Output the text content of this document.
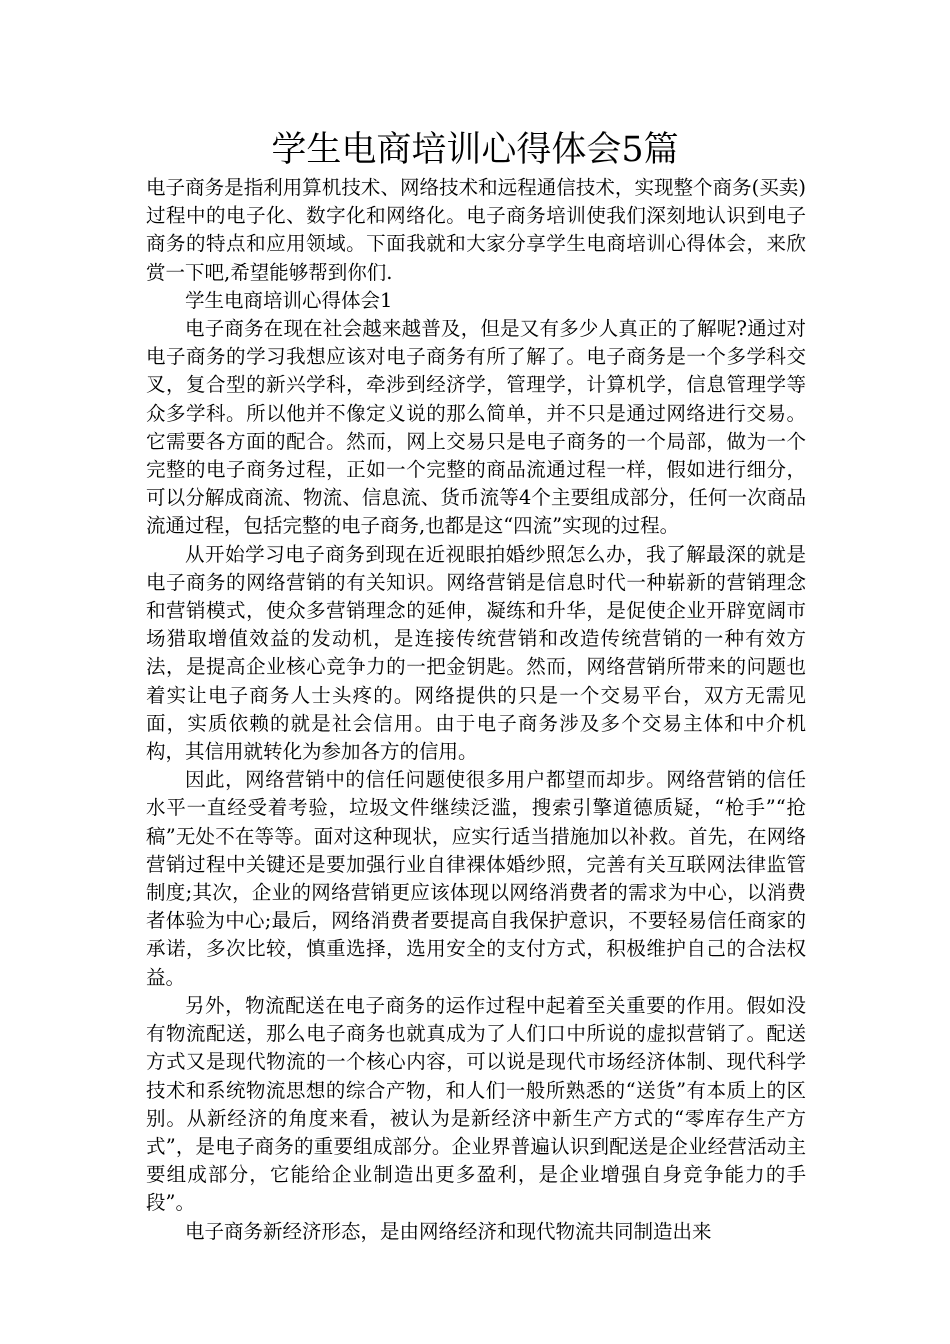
学生电商培训心得体会5篇

电子商务是指利用算机技术、网络技术和远程通信技术，实现整个商务(买卖)过程中的电子化、数字化和网络化。电子商务培训使我们深刻地认识到电子商务的特点和应用领域。下面我就和大家分享学生电商培训心得体会，来欣赏一下吧,希望能够帮到你们.

学生电商培训心得体会1

电子商务在现在社会越来越普及，但是又有多少人真正的了解呢?通过对电子商务的学习我想应该对电子商务有所了解了。电子商务是一个多学科交叉，复合型的新兴学科，牵涉到经济学，管理学，计算机学，信息管理学等众多学科。所以他并不像定义说的那么简单，并不只是通过网络进行交易。它需要各方面的配合。然而，网上交易只是电子商务的一个局部，做为一个完整的电子商务过程，正如一个完整的商品流通过程一样，假如进行细分，可以分解成商流、物流、信息流、货币流等4个主要组成部分，任何一次商品流通过程，包括完整的电子商务,也都是这“四流”实现的过程。

从开始学习电子商务到现在近视眼拍婚纱照怎么办，我了解最深的就是电子商务的网络营销的有关知识。网络营销是信息时代一种崭新的营销理念和营销模式，使众多营销理念的延伸，凝练和升华，是促使企业开辟宽阔市场猎取增值效益的发动机，是连接传统营销和改造传统营销的一种有效方法，是提高企业核心竞争力的一把金钥匙。然而，网络营销所带来的问题也着实让电子商务人士头疼的。网络提供的只是一个交易平台，双方无需见面，实质依赖的就是社会信用。由于电子商务涉及多个交易主体和中介机构，其信用就转化为参加各方的信用。

因此，网络营销中的信任问题使很多用户都望而却步。网络营销的信任水平一直经受着考验，垃圾文件继续泛滥，搜索引擎道德质疑，“枪手”“抢稿”无处不在等等。面对这种现状，应实行适当措施加以补救。首先，在网络营销过程中关键还是要加强行业自律裸体婚纱照，完善有关互联网法律监管制度;其次，企业的网络营销更应该体现以网络消费者的需求为中心，以消费者体验为中心;最后，网络消费者要提高自我保护意识，不要轻易信任商家的承诺，多次比较，慎重选择，选用安全的支付方式，积极维护自己的合法权益。

另外，物流配送在电子商务的运作过程中起着至关重要的作用。假如没有物流配送，那么电子商务也就真成为了人们口中所说的虚拟营销了。配送方式又是现代物流的一个核心内容，可以说是现代市场经济体制、现代科学技术和系统物流思想的综合产物，和人们一般所熟悉的“送货”有本质上的区别。从新经济的角度来看，被认为是新经济中新生产方式的“零库存生产方式”，是电子商务的重要组成部分。企业界普遍认识到配送是企业经营活动主要组成部分，它能给企业制造出更多盈利，是企业增强自身竞争能力的手段”。

电子商务新经济形态，是由网络经济和现代物流共同制造出来
